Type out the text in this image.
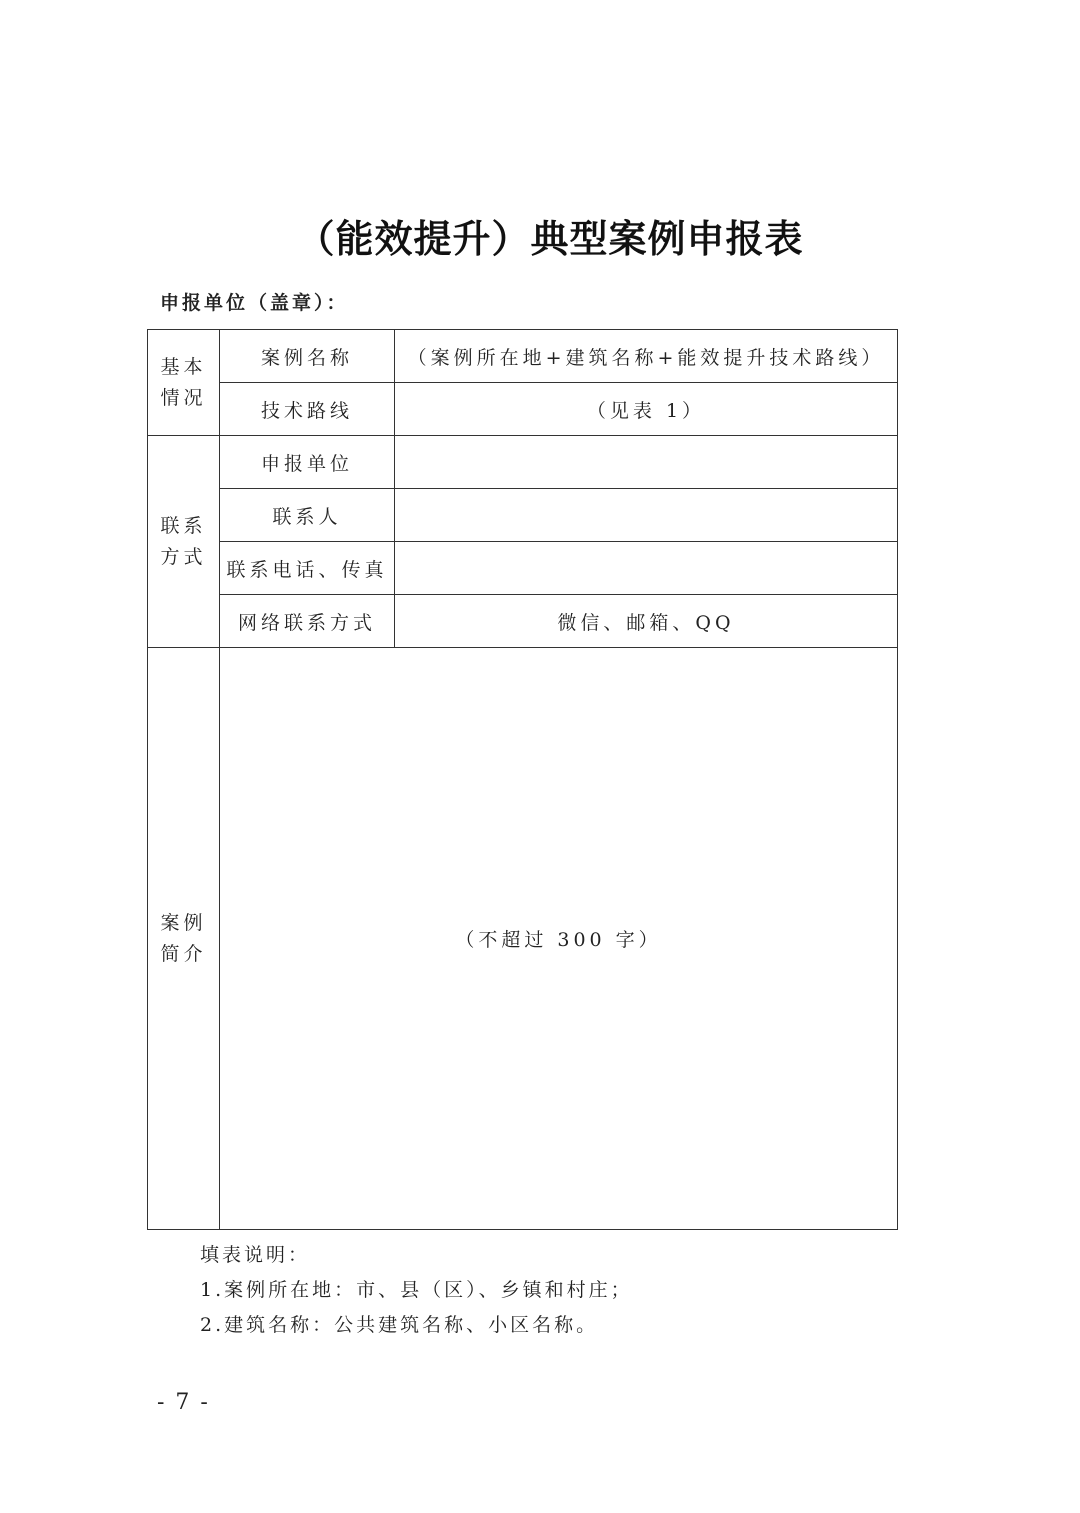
（能效提升）典型案例申报表
申报单位（盖章）：
基本
情况	案例名称	（案例所在地+建筑名称+能效提升技术路线）
	技术路线	（见表 1）

联系
方式	申报单位	
	联系人	
	联系电话、传真	
	网络联系方式	微信、邮箱、QQ

案例
简介	（不超过 300 字）	
填表说明：
1.案例所在地：市、县（区）、乡镇和村庄；
2.建筑名称：公共建筑名称、小区名称。
- 7 -
